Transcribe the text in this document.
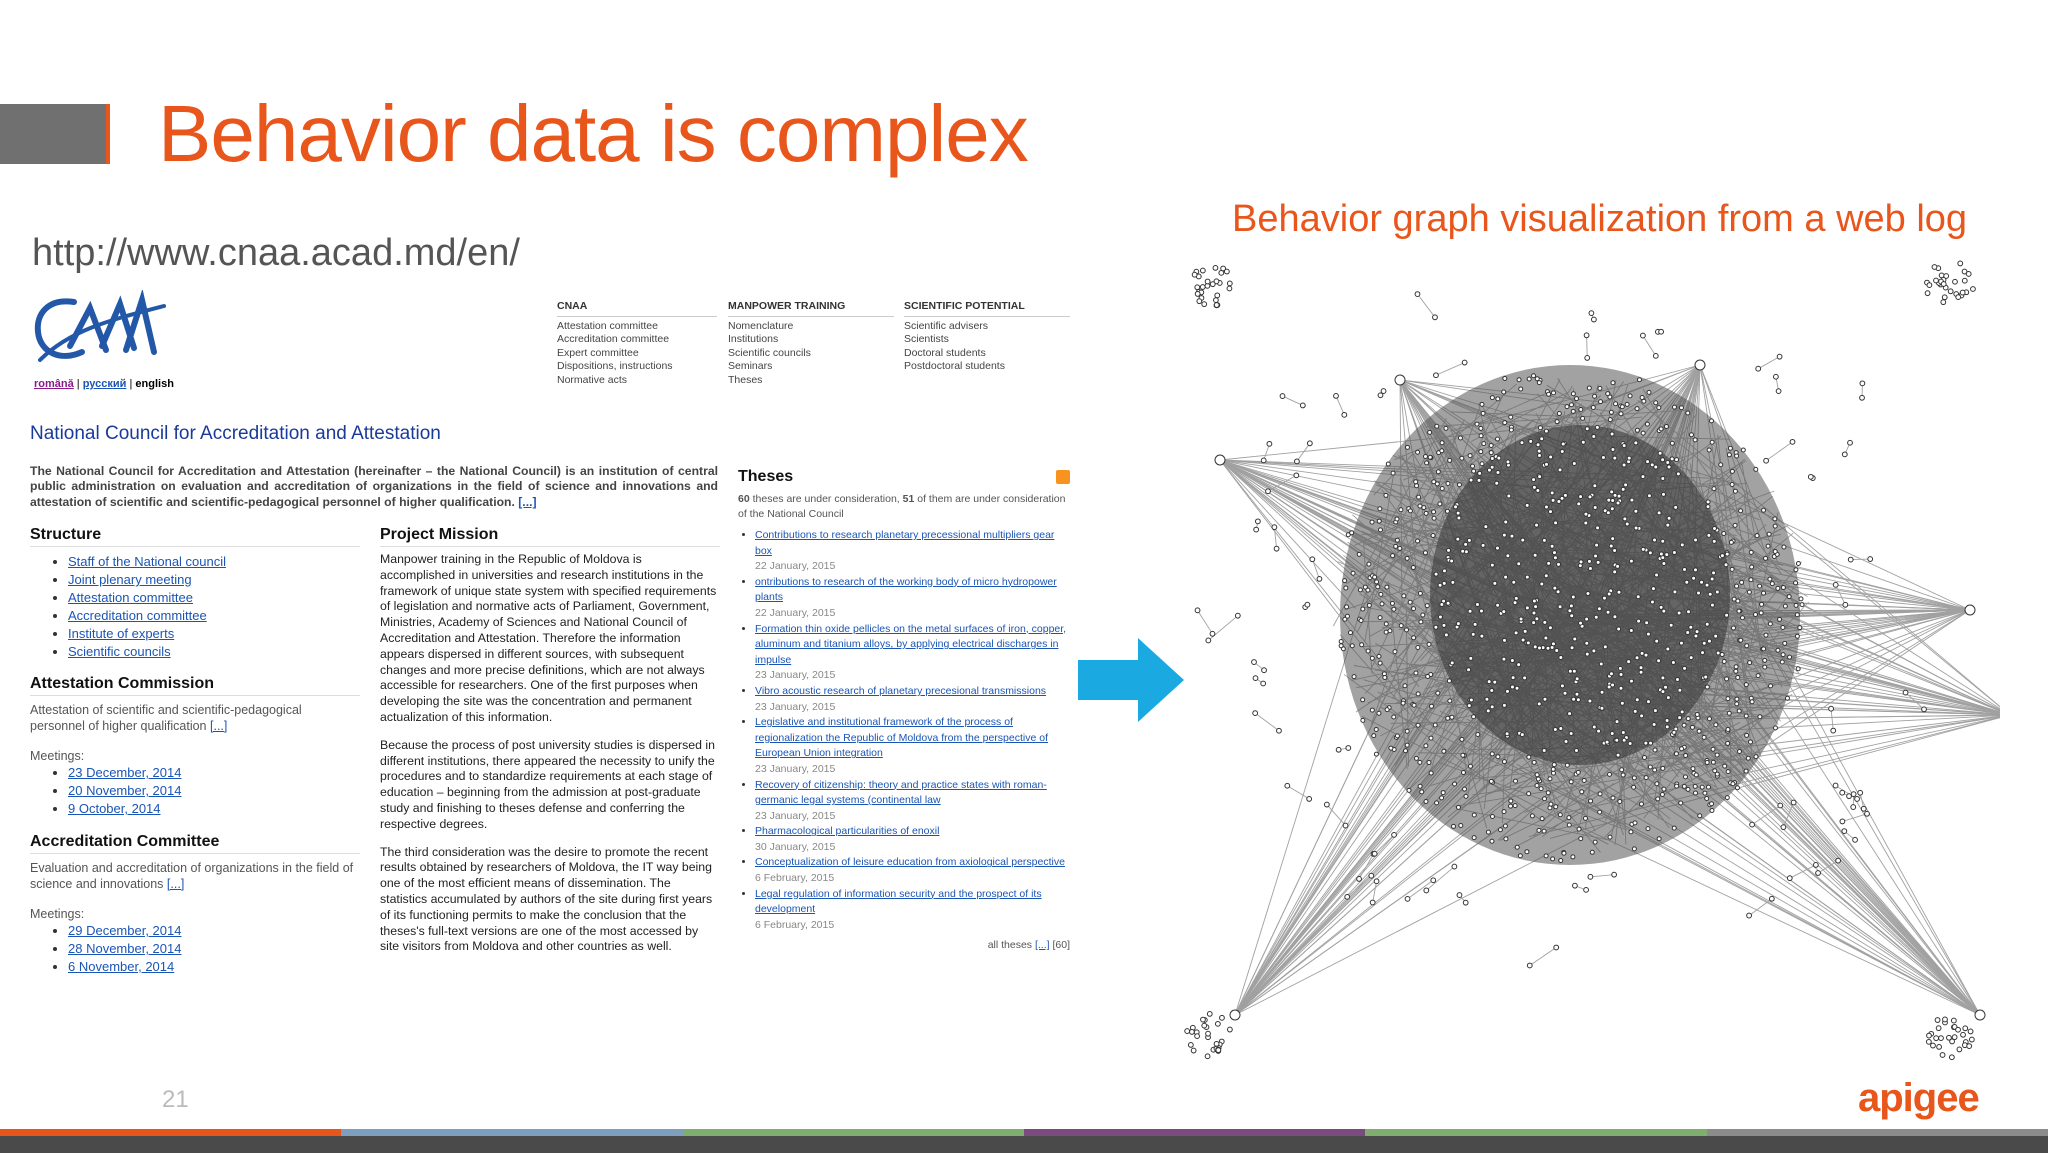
Behavior data is complex
http://www.cnaa.acad.md/en/
Behavior graph visualization from a web log
română | русский | english
CNAA
Attestation committee
Accreditation committee
Expert committee
Dispositions, instructions
Normative acts
MANPOWER TRAINING
Nomenclature
Institutions
Scientific councils
Seminars
Theses
SCIENTIFIC POTENTIAL
Scientific advisers
Scientists
Doctoral students
Postdoctoral students
National Council for Accreditation and Attestation
The National Council for Accreditation and Attestation (hereinafter – the National Council) is an institution of central public administration on evaluation and accreditation of organizations in the field of science and innovations and attestation of scientific and scientific-pedagogical personnel of higher qualification. [...]
Structure
• Staff of the National council
• Joint plenary meeting
• Attestation committee
• Accreditation committee
• Institute of experts
• Scientific councils
Attestation Commission
Attestation of scientific and scientific-pedagogical personnel of higher qualification [...]
Meetings:
• 23 December, 2014
• 20 November, 2014
• 9 October, 2014
Accreditation Committee
Evaluation and accreditation of organizations in the field of science and innovations [...]
Meetings:
• 29 December, 2014
• 28 November, 2014
• 6 November, 2014
Project Mission

Manpower training in the Republic of Moldova is accomplished in universities and research institutions in the framework of unique state system with specified requirements of legislation and normative acts of Parliament, Government, Ministries, Academy of Sciences and National Council of Accreditation and Attestation. Therefore the information appears dispersed in different sources, with subsequent changes and more precise definitions, which are not always accessible for researchers. One of the first purposes when developing the site was the concentration and permanent actualization of this information.

Because the process of post university studies is dispersed in different institutions, there appeared the necessity to unify the procedures and to standardize requirements at each stage of education – beginning from the admission at post-graduate study and finishing to theses defense and conferring the respective degrees.

The third consideration was the desire to promote the recent results obtained by researchers of Moldova, the IT way being one of the most efficient means of dissemination. The statistics accumulated by authors of the site during first years of its functioning permits to make the conclusion that the theses's full-text versions are one of the most accessed by site visitors from Moldova and other countries as well.

Theses
60 theses are under consideration, 51 of them are under consideration of the National Council
• Contributions to research planetary precessional multipliers gear box
22 January, 2015
• ontributions to research of the working body of micro hydropower plants
22 January, 2015
• Formation thin oxide pellicles on the metal surfaces of iron, copper, aluminum and titanium alloys, by applying electrical discharges in impulse
23 January, 2015
• Vibro acoustic research of planetary precesional transmissions
23 January, 2015
• Legislative and institutional framework of the process of regionalization the Republic of Moldova from the perspective of European Union integration
23 January, 2015
• Recovery of citizenship: theory and practice states with roman-germanic legal systems (continental law
23 January, 2015
• Pharmacological particularities of enoxil
30 January, 2015
• Conceptualization of leisure education from axiological perspective
6 February, 2015
• Legal regulation of information security and the prospect of its development
6 February, 2015
all theses [...] [60]
21	apigee
